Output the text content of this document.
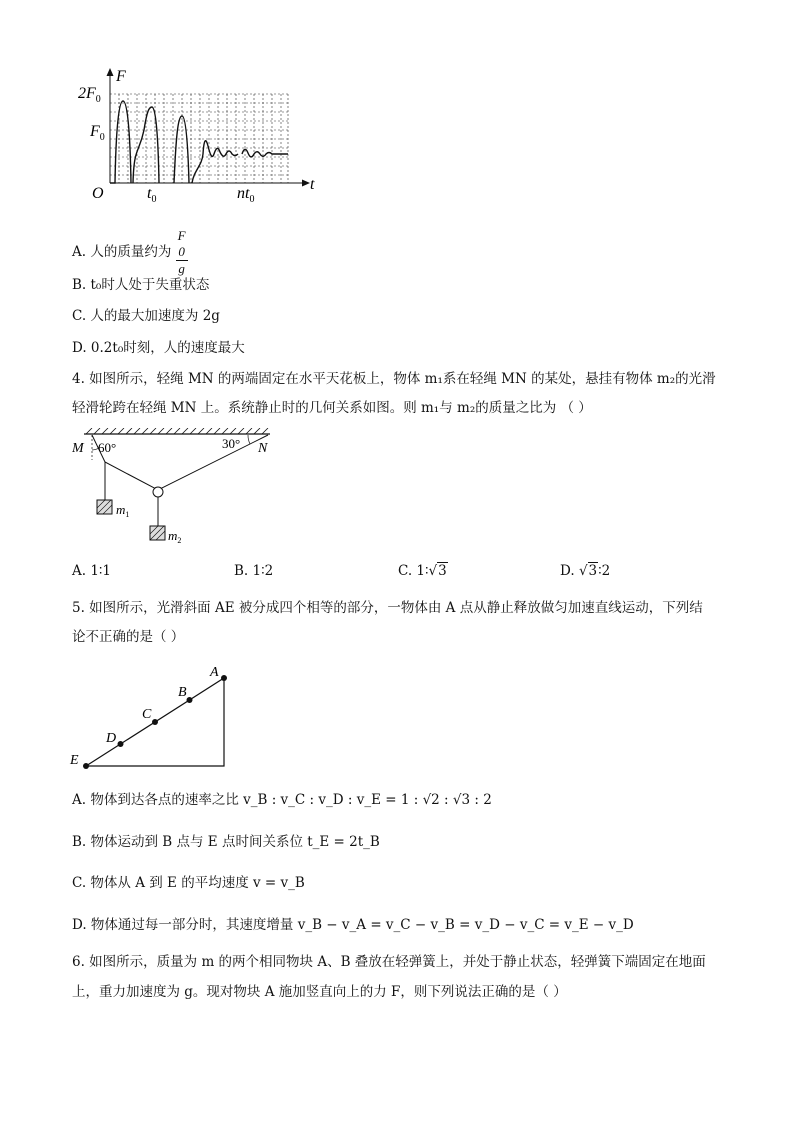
F
t
$2F_0$
$F_0$
O	$t_0$	$nt_0$
A. 人的质量约为 F
0
g
B. t₀时人处于失重状态
C. 人的最大加速度为 2g
D. 0.2t₀时刻，人的速度最大
4. 如图所示，轻绳 MN 的两端固定在水平天花板上，物体 m₁系在轻绳 MN 的某处，悬挂有物体 m₂的光滑
轻滑轮跨在轻绳 MN 上。系统静止时的几何关系如图。则 m₁与 m₂的质量之比为 （ ）
M 60°	30° N
$m_1$
$m_2$
A. 1∶1	B. 1∶2	C. 1∶√3	D. √3∶2
5. 如图所示，光滑斜面 AE 被分成四个相等的部分，一物体由 A 点从静止释放做匀加速直线运动，下列结
论不正确的是（ ）
A
B
C
D
E
A. 物体到达各点的速率之比 v_B : v_C : v_D : v_E = 1 : √2 : √3 : 2
B. 物体运动到 B 点与 E 点时间关系位 t_E = 2t_B
C. 物体从 A 到 E 的平均速度 v = v_B
D. 物体通过每一部分时，其速度增量 v_B − v_A = v_C − v_B = v_D − v_C = v_E − v_D
6. 如图所示，质量为 m 的两个相同物块 A、B 叠放在轻弹簧上，并处于静止状态，轻弹簧下端固定在地面
上，重力加速度为 g。现对物块 A 施加竖直向上的力 F，则下列说法正确的是（ ）
